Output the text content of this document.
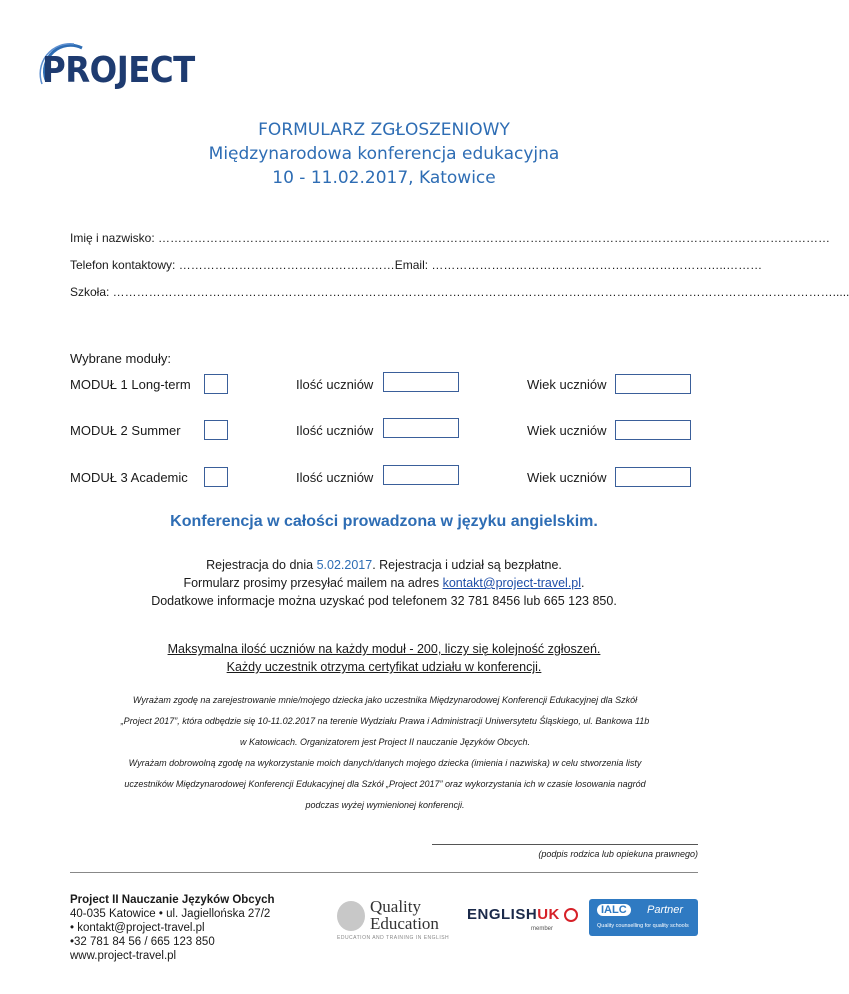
PROJECT
FORMULARZ ZGŁOSZENIOWY
Międzynarodowa konferencja edukacyjna
10 - 11.02.2017, Katowice
Imię i nazwisko: ……………………………………………………………………………………………………………………………………………………
Telefon kontaktowy: ………………………………………………Email: ………………………………………………………………..………
Szkoła: ……………………………………………………………………………………………………………………………………………………………….....
Wybrane moduły:
MODUŁ 1 Long-term	Ilość uczniów	Wiek uczniów
MODUŁ 2 Summer	Ilość uczniów	Wiek uczniów
MODUŁ 3 Academic	Ilość uczniów	Wiek uczniów
Konferencja w całości prowadzona w języku angielskim.
Rejestracja do dnia 5.02.2017. Rejestracja i udział są bezpłatne.
Formularz prosimy przesyłać mailem na adres kontakt@project-travel.pl.
Dodatkowe informacje można uzyskać pod telefonem 32 781 8456 lub 665 123 850.
Maksymalna ilość uczniów na każdy moduł - 200, liczy się kolejność zgłoszeń.
Każdy uczestnik otrzyma certyfikat udziału w konferencji.
Wyrażam zgodę na zarejestrowanie mnie/mojego dziecka jako uczestnika Międzynarodowej Konferencji Edukacyjnej dla Szkół
„Project 2017”, która odbędzie się 10-11.02.2017 na terenie Wydziału Prawa i Administracji Uniwersytetu Śląskiego, ul. Bankowa 11b
w Katowicach. Organizatorem jest Project II nauczanie Języków Obcych.
Wyrażam dobrowolną zgodę na wykorzystanie moich danych/danych mojego dziecka (imienia i nazwiska) w celu stworzenia listy
uczestników Międzynarodowej Konferencji Edukacyjnej dla Szkół „Project 2017” oraz wykorzystania ich w czasie losowania nagród
podczas wyżej wymienionej konferencji.
(podpis rodzica lub opiekuna prawnego)
Project II Nauczanie Języków Obcych
40-035 Katowice • ul. Jagiellońska 27/2
• kontakt@project-travel.pl
•32 781 84 56 / 665 123 850
www.project-travel.pl
Quality
Education
EDUCATION AND TRAINING IN ENGLISH
ENGLISHUK
member
IALC	Partner
Quality counselling for quality schools
